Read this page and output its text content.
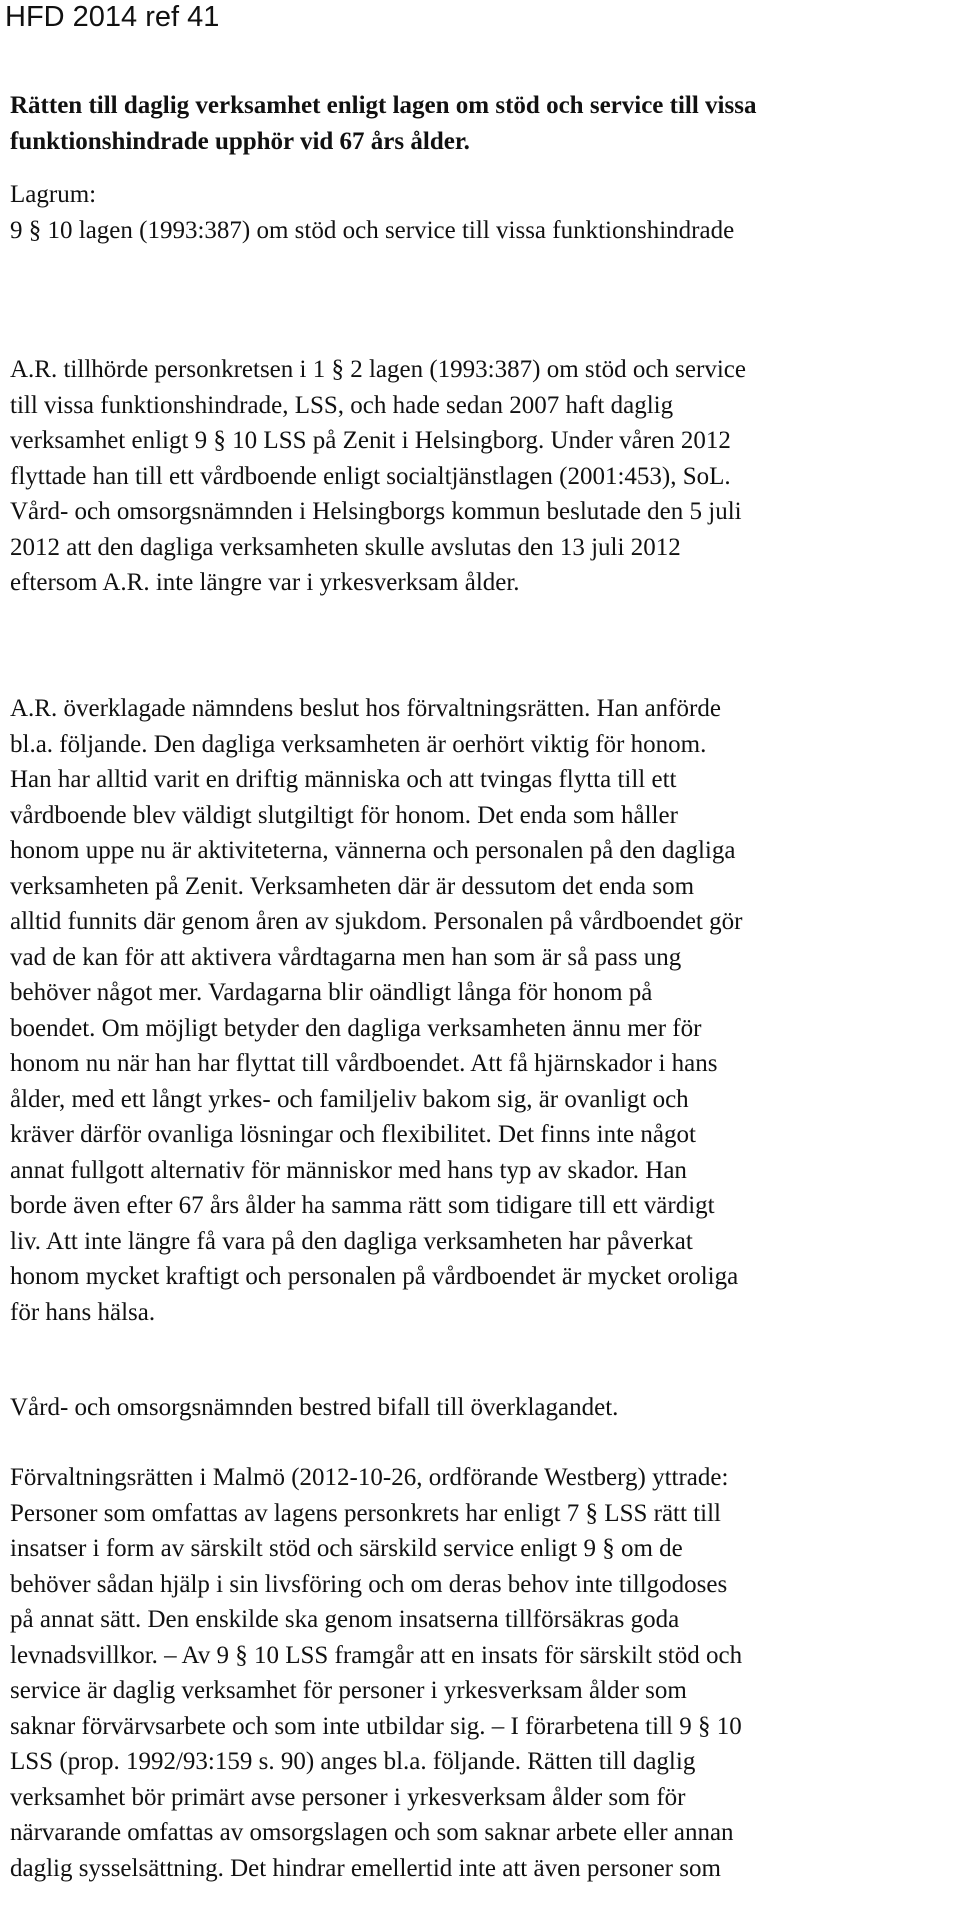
HFD 2014 ref 41

Rätten till daglig verksamhet enligt lagen om stöd och service till vissa
funktionshindrade upphör vid 67 års ålder.

Lagrum:
9 § 10 lagen (1993:387) om stöd och service till vissa funktionshindrade

A.R. tillhörde personkretsen i 1 § 2 lagen (1993:387) om stöd och service
till vissa funktionshindrade, LSS, och hade sedan 2007 haft daglig
verksamhet enligt 9 § 10 LSS på Zenit i Helsingborg. Under våren 2012
flyttade han till ett vårdboende enligt socialtjänstlagen (2001:453), SoL.
Vård- och omsorgsnämnden i Helsingborgs kommun beslutade den 5 juli
2012 att den dagliga verksamheten skulle avslutas den 13 juli 2012
eftersom A.R. inte längre var i yrkesverksam ålder.

A.R. överklagade nämndens beslut hos förvaltningsrätten. Han anförde
bl.a. följande. Den dagliga verksamheten är oerhört viktig för honom.
Han har alltid varit en driftig människa och att tvingas flytta till ett
vårdboende blev väldigt slutgiltigt för honom. Det enda som håller
honom uppe nu är aktiviteterna, vännerna och personalen på den dagliga
verksamheten på Zenit. Verksamheten där är dessutom det enda som
alltid funnits där genom åren av sjukdom. Personalen på vårdboendet gör
vad de kan för att aktivera vårdtagarna men han som är så pass ung
behöver något mer. Vardagarna blir oändligt långa för honom på
boendet. Om möjligt betyder den dagliga verksamheten ännu mer för
honom nu när han har flyttat till vårdboendet. Att få hjärnskador i hans
ålder, med ett långt yrkes- och familjeliv bakom sig, är ovanligt och
kräver därför ovanliga lösningar och flexibilitet. Det finns inte något
annat fullgott alternativ för människor med hans typ av skador. Han
borde även efter 67 års ålder ha samma rätt som tidigare till ett värdigt
liv. Att inte längre få vara på den dagliga verksamheten har påverkat
honom mycket kraftigt och personalen på vårdboendet är mycket oroliga
för hans hälsa.

Vård- och omsorgsnämnden bestred bifall till överklagandet.

Förvaltningsrätten i Malmö (2012-10-26, ordförande Westberg) yttrade:
Personer som omfattas av lagens personkrets har enligt 7 § LSS rätt till
insatser i form av särskilt stöd och särskild service enligt 9 § om de
behöver sådan hjälp i sin livsföring och om deras behov inte tillgodoses
på annat sätt. Den enskilde ska genom insatserna tillförsäkras goda
levnadsvillkor. – Av 9 § 10 LSS framgår att en insats för särskilt stöd och
service är daglig verksamhet för personer i yrkesverksam ålder som
saknar förvärvsarbete och som inte utbildar sig. – I förarbetena till 9 § 10
LSS (prop. 1992/93:159 s. 90) anges bl.a. följande. Rätten till daglig
verksamhet bör primärt avse personer i yrkesverksam ålder som för
närvarande omfattas av omsorgslagen och som saknar arbete eller annan
daglig sysselsättning. Det hindrar emellertid inte att även personer som
